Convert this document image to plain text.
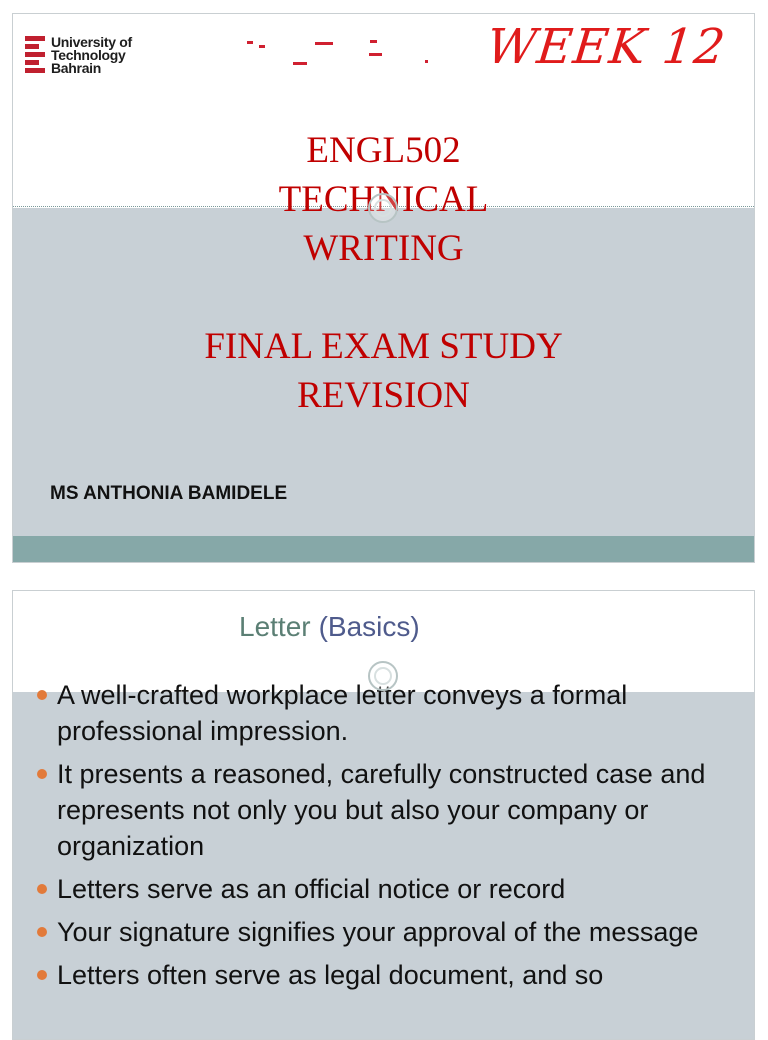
University of
Technology
Bahrain	WEEK 12
ENGL502
TECHNICAL
WRITING
FINAL EXAM STUDY
REVISION
MS ANTHONIA BAMIDELE
Letter (Basics)
A well-crafted workplace letter conveys a formal professional impression.
It presents a reasoned, carefully constructed case and represents not only you but also your company or organization
Letters serve as an official notice or record
Your signature signifies your approval of the message
Letters often serve as legal document, and so
